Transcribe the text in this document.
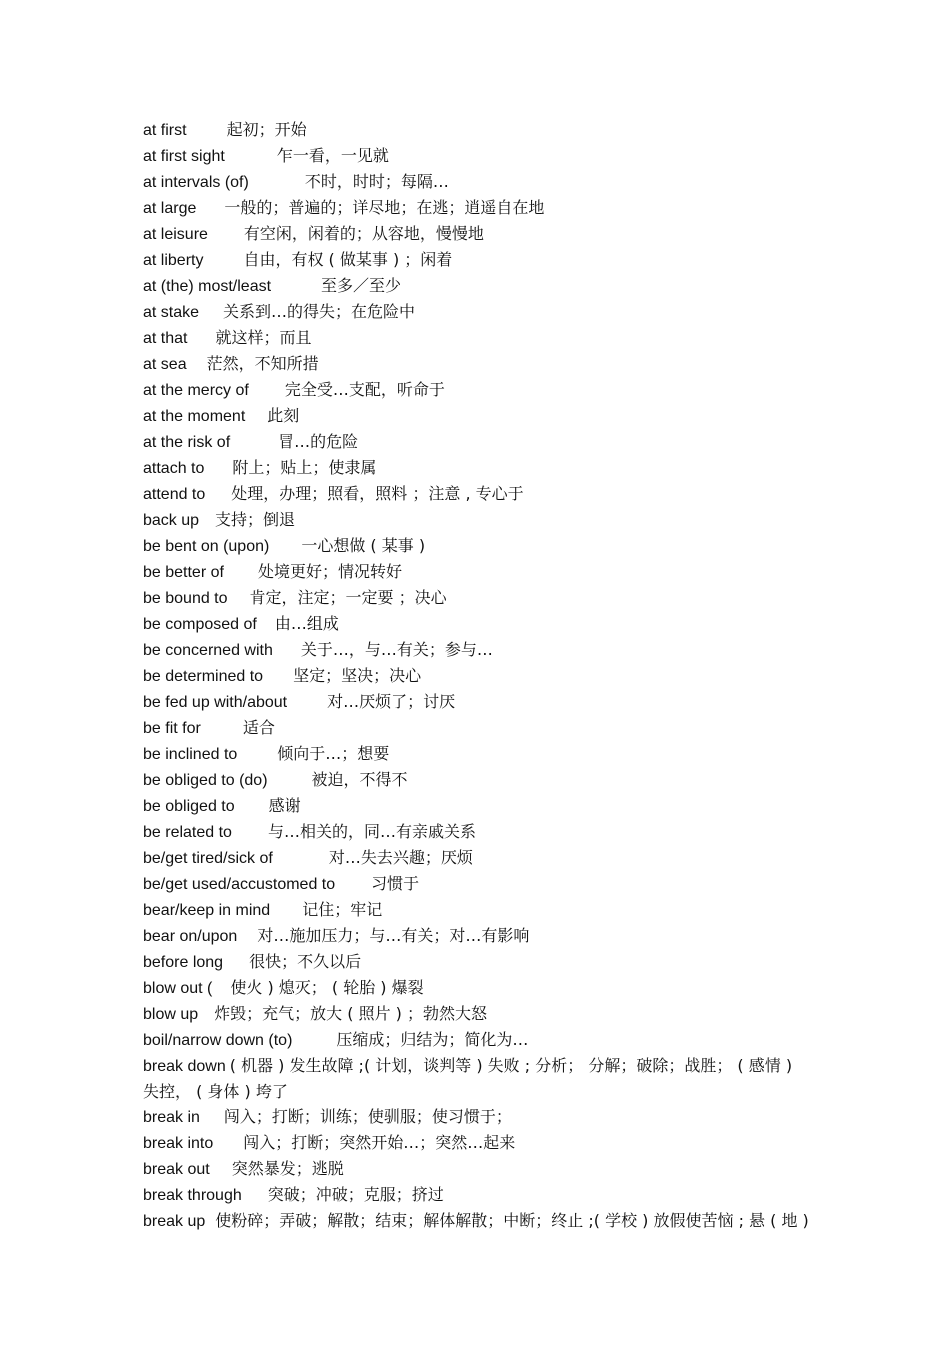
at first	起初；开始

at first sight	乍一看，一见就

at intervals (of)	不时，时时；每隔…

at large 一般的；普遍的；详尽地；在逃；逍遥自在地

at leisure 有空闲，闲着的；从容地，慢慢地

at liberty	自由，有权 ( 做某事 ) ；闲着

at (the) most/least	至多／至少

at stake 关系到…的得失；在危险中

at that 就这样；而且

at sea 茫然，不知所措

at the mercy of 完全受…支配，听命于

at the moment 此刻

at the risk of	冒…的危险

attach to 附上；贴上；使隶属

attend to 处理，办理；照看，照料 ；注意 , 专心于

back up 支持；倒退

be bent on (upon) 一心想做 ( 某事 )

be better of 处境更好；情况转好

be bound to 肯定，注定；一定要 ；决心

be composed of 由…组成

be concerned with 关于…，与…有关；参与…

be determined to 坚定；坚决；决心

be fed up with/about	对…厌烦了；讨厌

be fit for	适合

be inclined to	倾向于…；想要

be obliged to (do)	被迫，不得不

be obliged to 感谢

be related to 与…相关的，同…有亲戚关系

be/get tired/sick of	对…失去兴趣；厌烦

be/get used/accustomed to 习惯于

bear/keep in mind 记住；牢记

bear on/upon 对…施加压力；与…有关；对…有影响

before long 很快；不久以后

blow out ( 使火 ) 熄灭； ( 轮胎 ) 爆裂

blow up 炸毁；充气；放大 ( 照片 ) ；勃然大怒

boil/narrow down (to)	压缩成；归结为；简化为…

break down ( 机器 ) 发生故障 ;( 计划，谈判等 ) 失败 ; 分析； 分解；破除；战胜； ( 感情 ) 失控， ( 身体 ) 垮了

break in 闯入；打断；训练；使驯服；使习惯于；

break into 闯入；打断；突然开始…；突然…起来

break out 突然暴发；逃脱

break through 突破；冲破；克服；挤过

break up 使粉碎；弄破；解散；结束；解体解散；中断；终止 ;( 学校 ) 放假使苦恼 ; 悬 ( 地 )
